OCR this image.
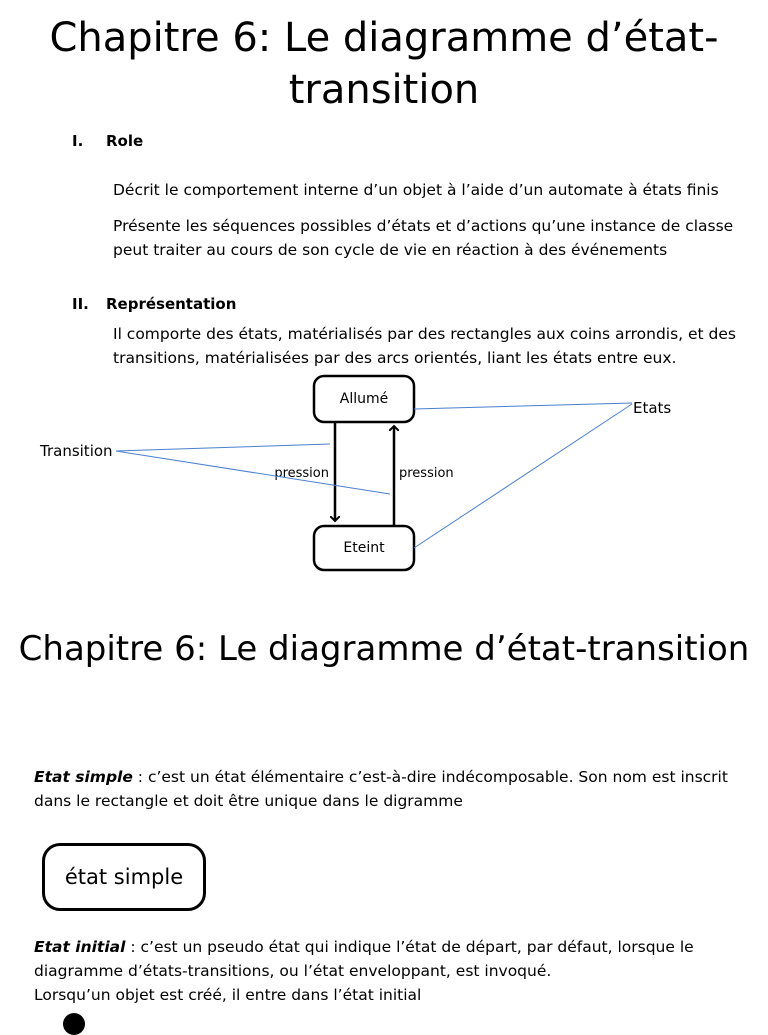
Chapitre 6: Le diagramme d’état-
transition
I. Role

Décrit le comportement interne d’un objet à l’aide d’un automate à états finis

Présente les séquences possibles d’états et d’actions qu’une instance de classe
peut traiter au cours de son cycle de vie en réaction à des événements

II. Représentation

Il comporte des états, matérialisés par des rectangles aux coins arrondis, et des
transitions, matérialisées par des arcs orientés, liant les états entre eux.

Allumé
Eteint
pression	pression
Transition
Etats
Chapitre 6: Le diagramme d’état-transition

Etat simple : c’est un état élémentaire c’est-à-dire indécomposable. Son nom est inscrit
dans le rectangle et doit être unique dans le digramme

état simple

Etat initial : c’est un pseudo état qui indique l’état de départ, par défaut, lorsque le
diagramme d’états-transitions, ou l’état enveloppant, est invoqué.
Lorsqu’un objet est créé, il entre dans l’état initial
